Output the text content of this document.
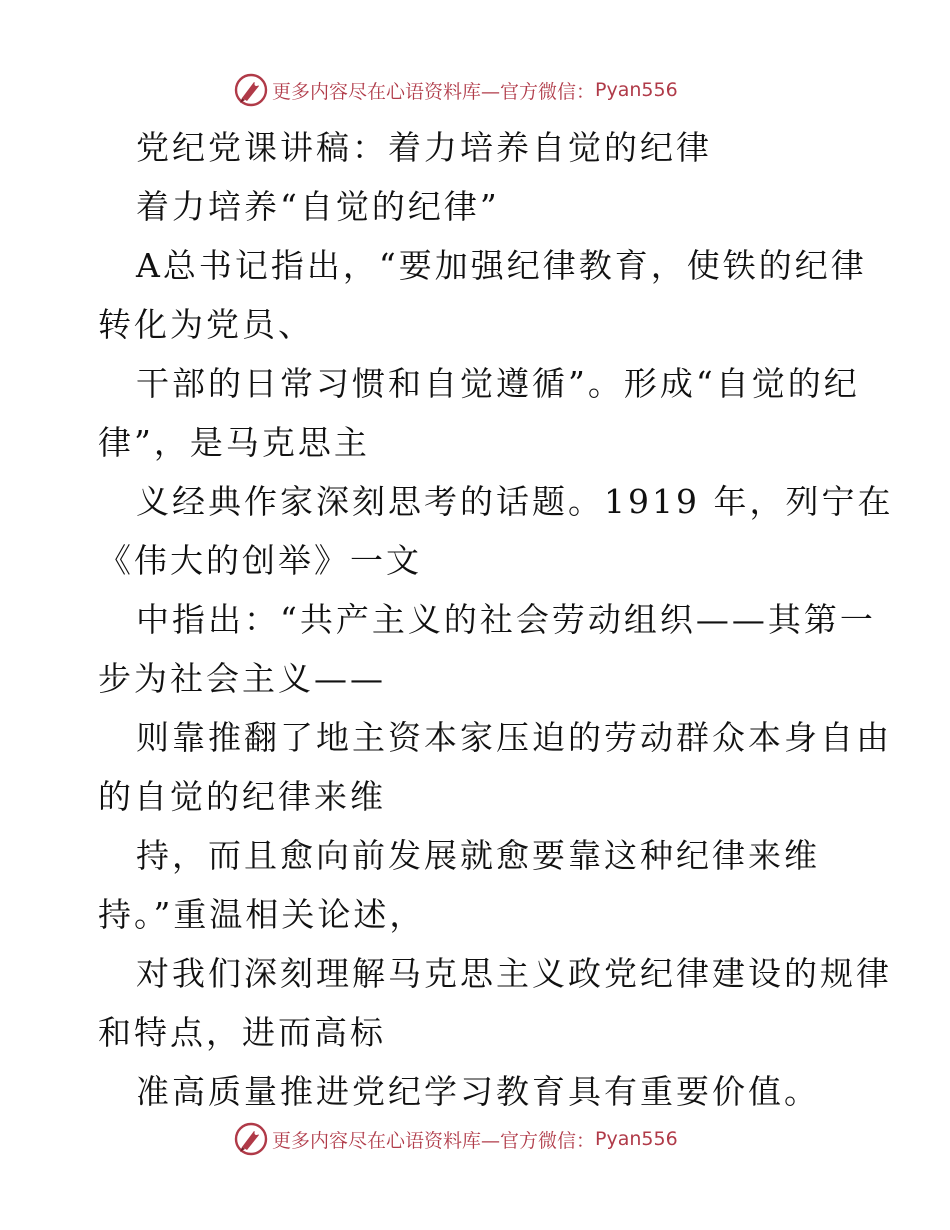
更多内容尽在心语资料库—官方微信： Pyan556
党纪党课讲稿：着力培养自觉的纪律
着力培养“自觉的纪律”
A总书记指出，“要加强纪律教育，使铁的纪律
转化为党员、
干部的日常习惯和自觉遵循”。形成“自觉的纪
律”，是马克思主
义经典作家深刻思考的话题。1919 年，列宁在
《伟大的创举》一文
中指出：“共产主义的社会劳动组织——其第一
步为社会主义——
则靠推翻了地主资本家压迫的劳动群众本身自由
的自觉的纪律来维
持，而且愈向前发展就愈要靠这种纪律来维
持。”重温相关论述，
对我们深刻理解马克思主义政党纪律建设的规律
和特点，进而高标
准高质量推进党纪学习教育具有重要价值。
更多内容尽在心语资料库—官方微信： Pyan556
